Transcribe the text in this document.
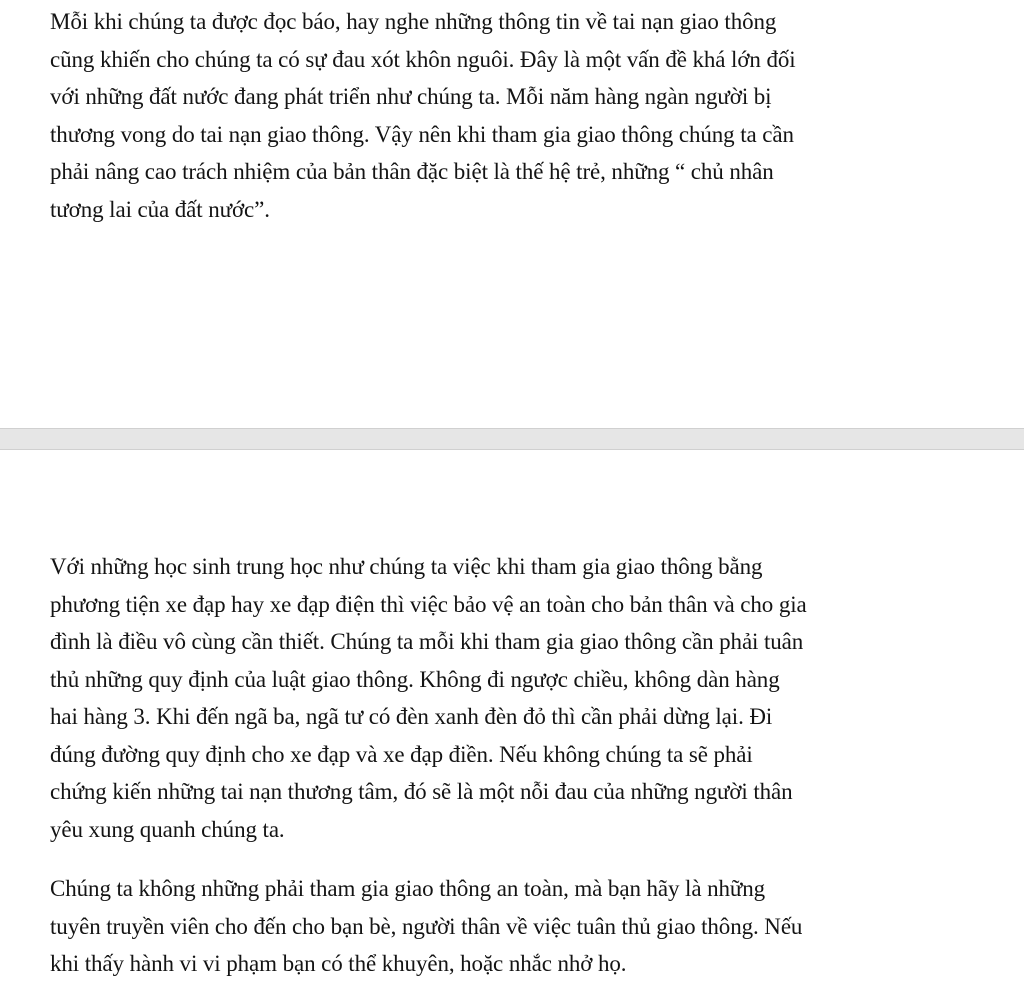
Mỗi khi chúng ta được đọc báo, hay nghe những thông tin về tai nạn giao thông
cũng khiến cho chúng ta có sự đau xót khôn nguôi. Đây là một vấn đề khá lớn đối
với những đất nước đang phát triển như chúng ta. Mỗi năm hàng ngàn người bị
thương vong do tai nạn giao thông. Vậy nên khi tham gia giao thông chúng ta cần
phải nâng cao trách nhiệm của bản thân đặc biệt là thế hệ trẻ, những “ chủ nhân
tương lai của đất nước”.

Với những học sinh trung học như chúng ta việc khi tham gia giao thông bằng
phương tiện xe đạp hay xe đạp điện thì việc bảo vệ an toàn cho bản thân và cho gia
đình là điều vô cùng cần thiết. Chúng ta mỗi khi tham gia giao thông cần phải tuân
thủ những quy định của luật giao thông. Không đi ngược chiều, không dàn hàng
hai hàng 3. Khi đến ngã ba, ngã tư có đèn xanh đèn đỏ thì cần phải dừng lại. Đi
đúng đường quy định cho xe đạp và xe đạp điền. Nếu không chúng ta sẽ phải
chứng kiến những tai nạn thương tâm, đó sẽ là một nỗi đau của những người thân
yêu xung quanh chúng ta.

Chúng ta không những phải tham gia giao thông an toàn, mà bạn hãy là những
tuyên truyền viên cho đến cho bạn bè, người thân về việc tuân thủ giao thông. Nếu
khi thấy hành vi vi phạm bạn có thể khuyên, hoặc nhắc nhở họ.
